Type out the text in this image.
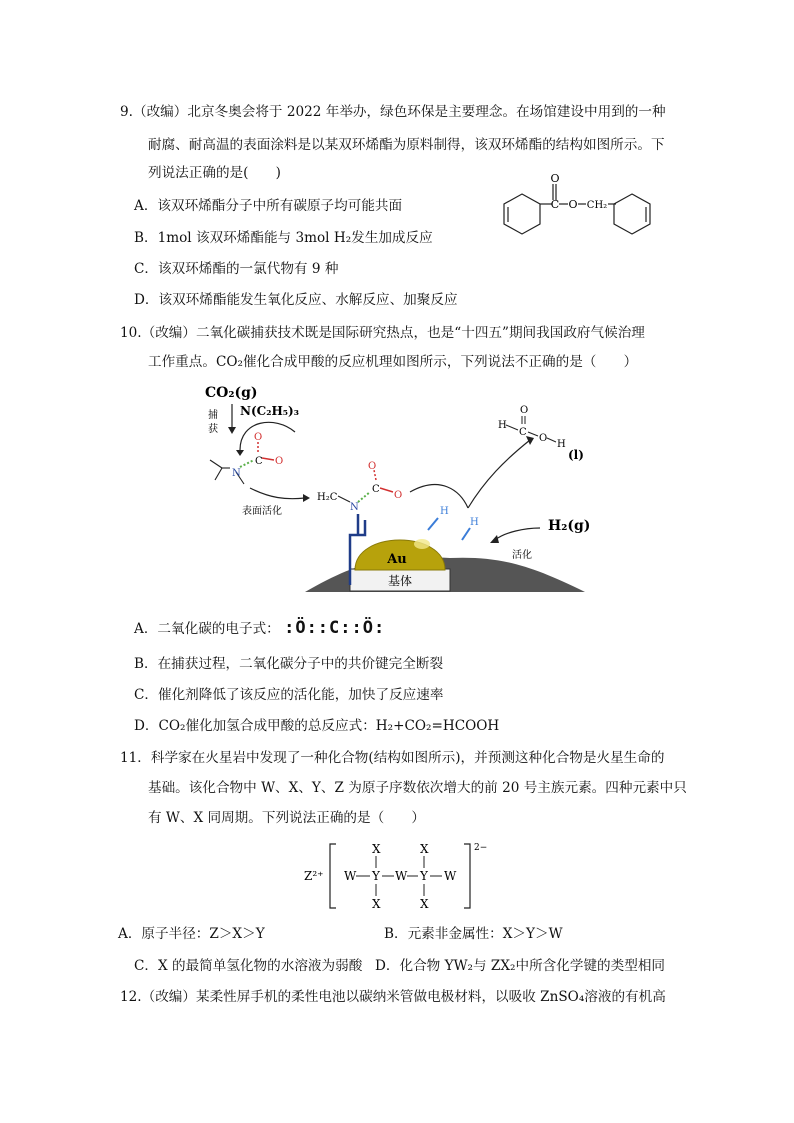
9.（改编）北京冬奥会将于 2022 年举办，绿色环保是主要理念。在场馆建设中用到的一种
耐腐、耐高温的表面涂料是以某双环烯酯为原料制得，该双环烯酯的结构如图所示。下
列说法正确的是(　　)
A．该双环烯酯分子中所有碳原子均可能共面
B．1mol 该双环烯酯能与 3mol H₂发生加成反应
C．该双环烯酯的一氯代物有 9 种
D．该双环烯酯能发生氧化反应、水解反应、加聚反应
O
C O CH₂
10.（改编）二氧化碳捕获技术既是国际研究热点，也是“十四五”期间我国政府气候治理
工作重点。CO₂催化合成甲酸的反应机理如图所示，下列说法不正确的是（　　）
基体
Au
H
H
CO₂(g)
N(C₂H₅)₃
捕
获
N
C O
O
表面活化
H₂C
N
C
O
O
H
C
O
O
H
(l)
H₂(g)
活化
A．二氧化碳的电子式： :Ö::C::Ö:
B．在捕获过程，二氧化碳分子中的共价键完全断裂
C．催化剂降低了该反应的活化能，加快了反应速率
D．CO₂催化加氢合成甲酸的总反应式：H₂+CO₂=HCOOH
11．科学家在火星岩中发现了一种化合物(结构如图所示)，并预测这种化合物是火星生命的
基础。该化合物中 W、X、Y、Z 为原子序数依次增大的前 20 号主族元素。四种元素中只
有 W、X 同周期。下列说法正确的是（　　）
Z²⁺
2−
X	X
W Y W Y W
X	X
A．原子半径：Z＞X＞Y	B．元素非金属性：X＞Y＞W
C．X 的最简单氢化物的水溶液为弱酸 D．化合物 YW₂与 ZX₂中所含化学键的类型相同
12.（改编）某柔性屏手机的柔性电池以碳纳米管做电极材料，以吸收 ZnSO₄溶液的有机高
